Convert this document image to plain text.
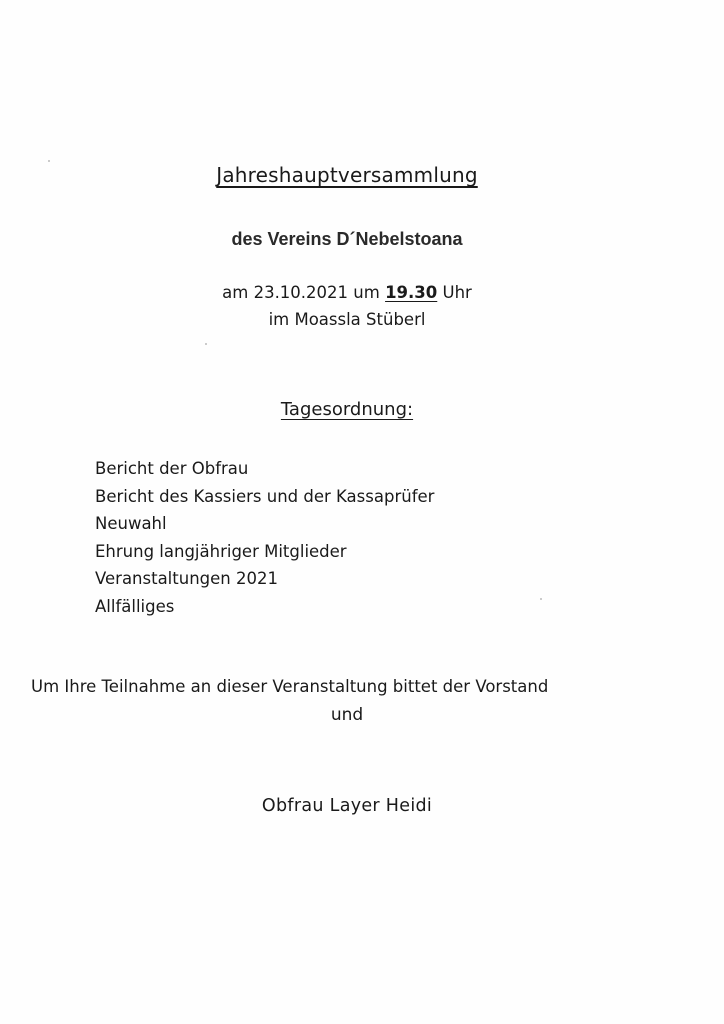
Jahreshauptversammlung
des Vereins D´Nebelstoana
am 23.10.2021 um 19.30 Uhr
im Moassla Stüberl
Tagesordnung:
Bericht der Obfrau
Bericht des Kassiers und der Kassaprüfer
Neuwahl
Ehrung langjähriger Mitglieder
Veranstaltungen 2021
Allfälliges
Um Ihre Teilnahme an dieser Veranstaltung bittet der Vorstand
und
Obfrau Layer Heidi
